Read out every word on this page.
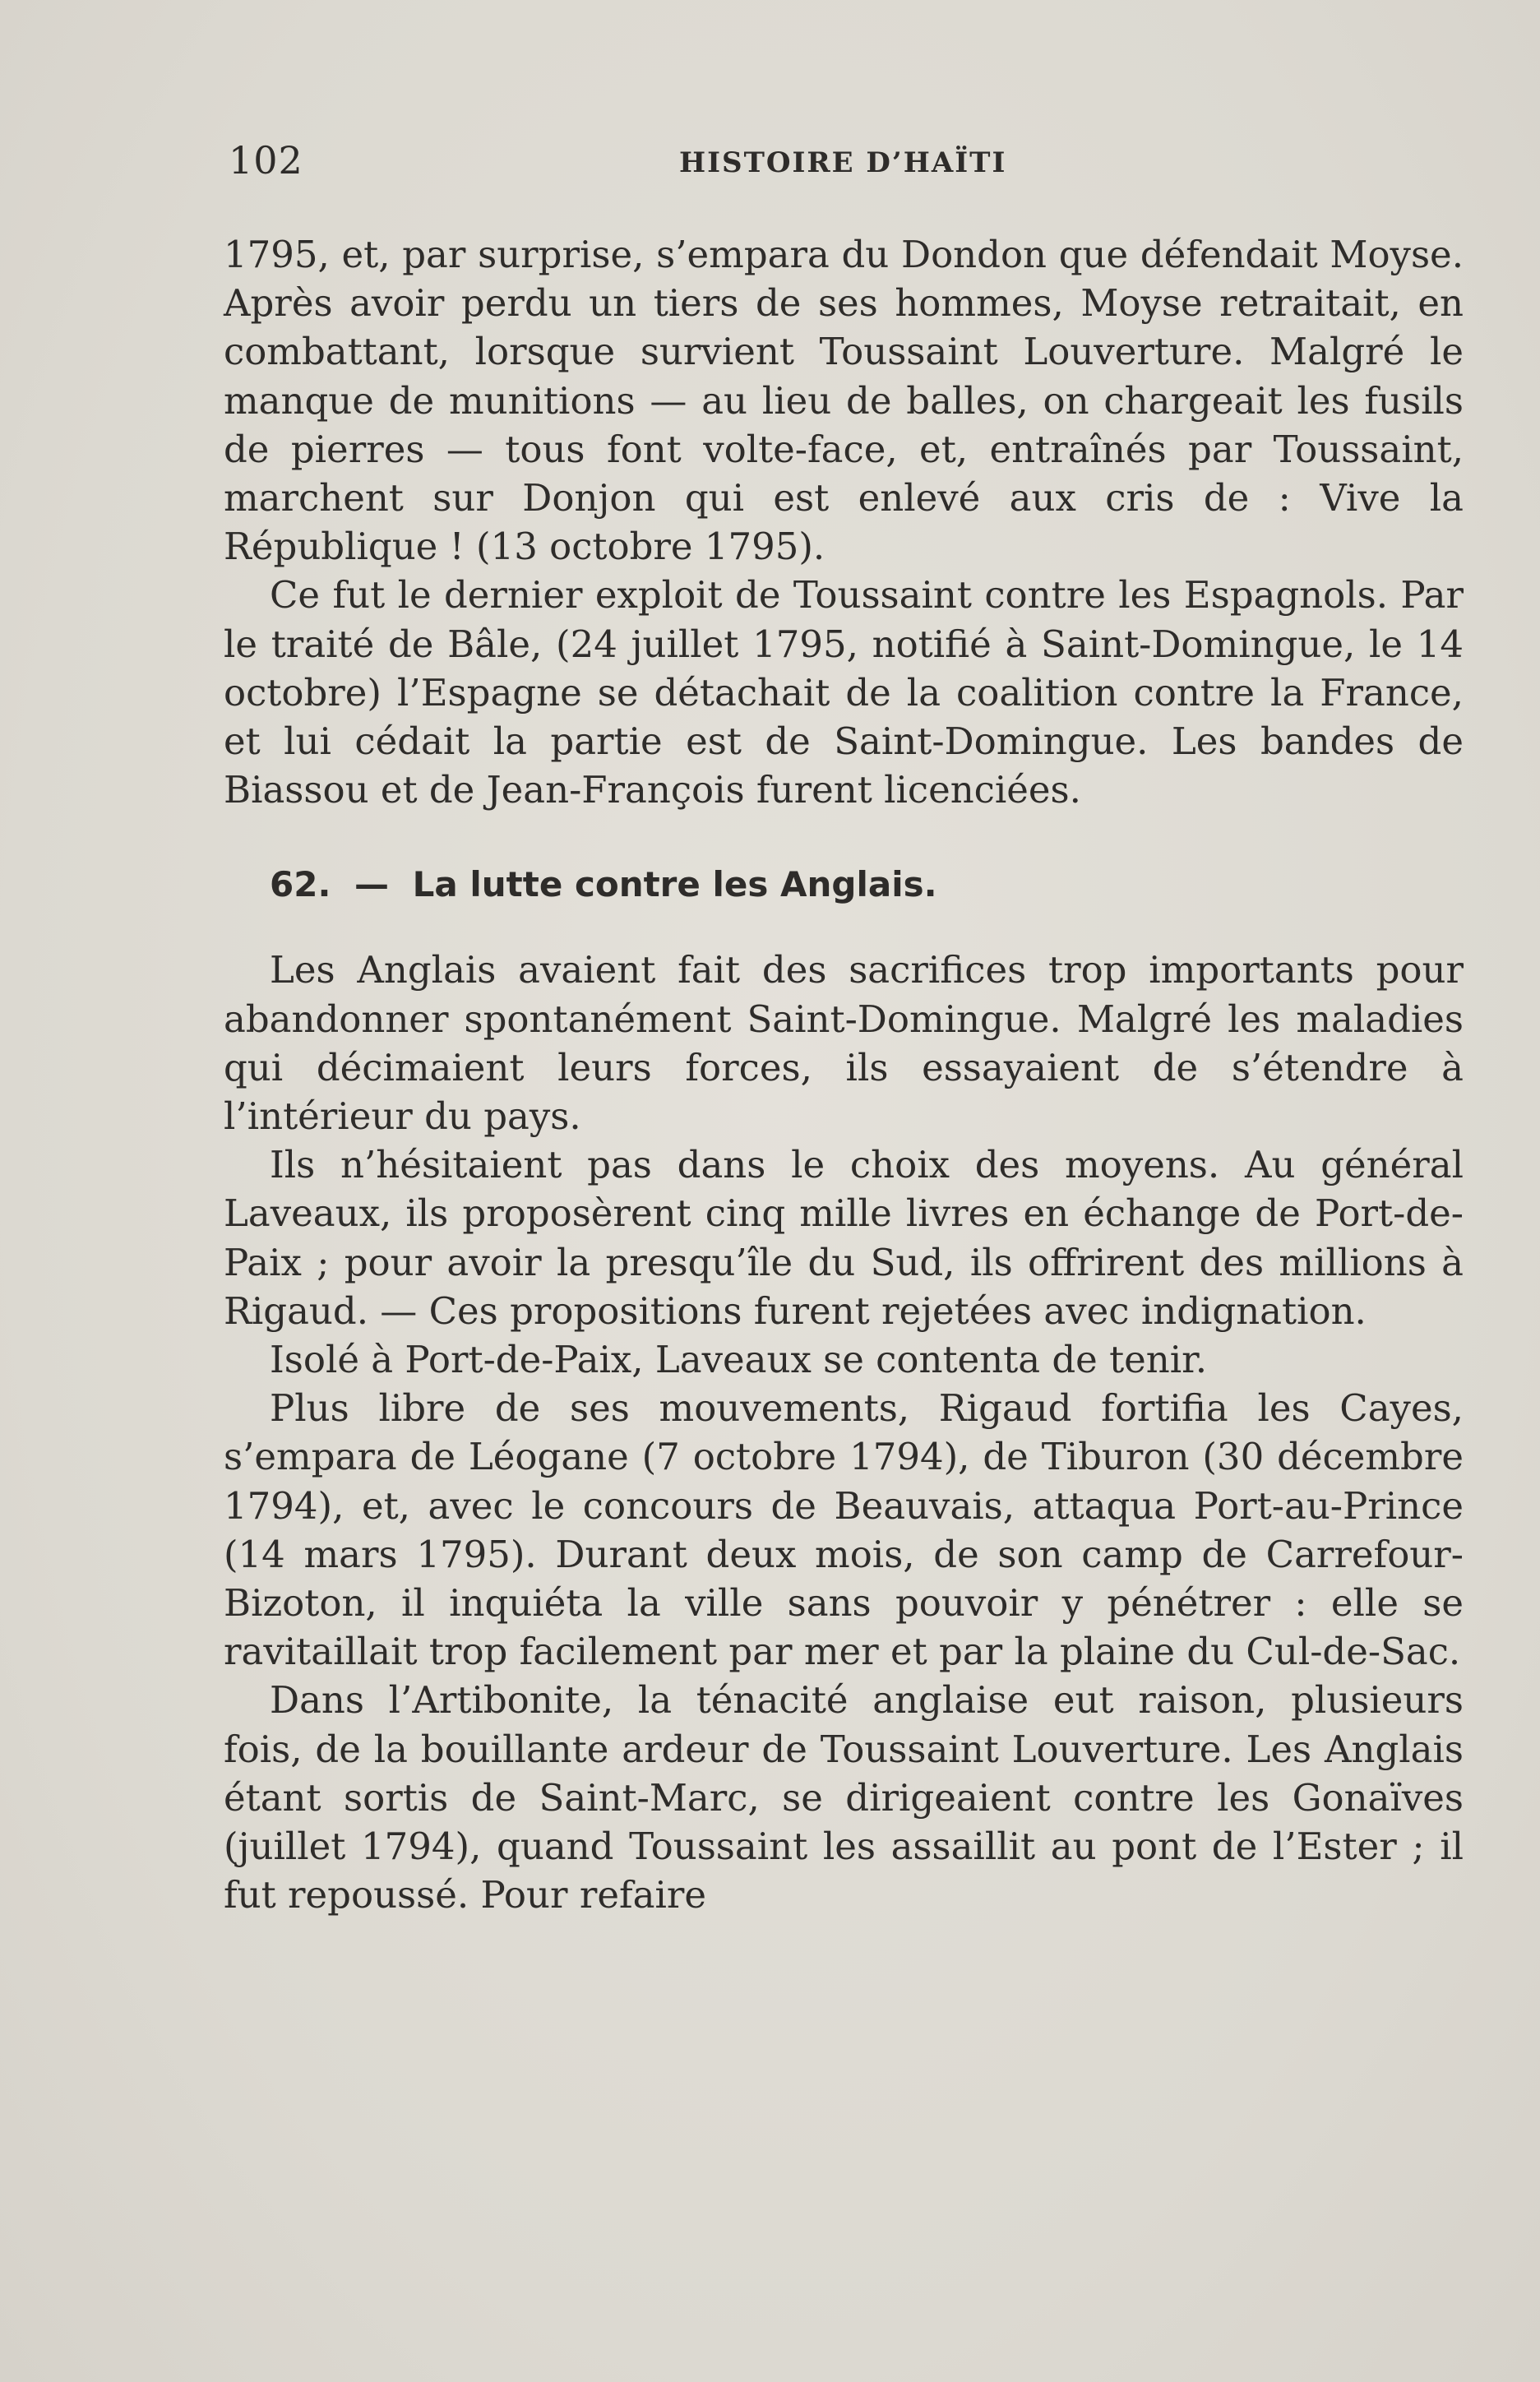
102	HISTOIRE D’HAÏTI

1795, et, par surprise, s’empara du Dondon que défendait Moyse. Après avoir perdu un tiers de ses hommes, Moyse retraitait, en combattant, lorsque survient Toussaint Louverture. Malgré le manque de munitions — au lieu de balles, on chargeait les fusils de pierres — tous font volte-face, et, entraînés par Toussaint, marchent sur Donjon qui est enlevé aux cris de : Vive la République ! (13 octobre 1795).

Ce fut le dernier exploit de Toussaint contre les Espagnols. Par le traité de Bâle, (24 juillet 1795, notifié à Saint-Domingue, le 14 octobre) l’Espagne se détachait de la coalition contre la France, et lui cédait la partie est de Saint-Domingue. Les bandes de Biassou et de Jean-François furent licenciées.

62. — La lutte contre les Anglais.

Les Anglais avaient fait des sacrifices trop importants pour abandonner spontanément Saint-Domingue. Malgré les maladies qui décimaient leurs forces, ils essayaient de s’étendre à l’intérieur du pays.

Ils n’hésitaient pas dans le choix des moyens. Au général Laveaux, ils proposèrent cinq mille livres en échange de Port-de-Paix ; pour avoir la presqu’île du Sud, ils offrirent des millions à Rigaud. — Ces propositions furent rejetées avec indignation.

Isolé à Port-de-Paix, Laveaux se contenta de tenir.

Plus libre de ses mouvements, Rigaud fortifia les Cayes, s’empara de Léogane (7 octobre 1794), de Tiburon (30 décembre 1794), et, avec le concours de Beauvais, attaqua Port-au-Prince (14 mars 1795). Durant deux mois, de son camp de Carrefour-Bizoton, il inquiéta la ville sans pouvoir y pénétrer : elle se ravitaillait trop facilement par mer et par la plaine du Cul-de-Sac.

Dans l’Artibonite, la ténacité anglaise eut raison, plusieurs fois, de la bouillante ardeur de Toussaint Louverture. Les Anglais étant sortis de Saint-Marc, se dirigeaient contre les Gonaïves (juillet 1794), quand Toussaint les assaillit au pont de l’Ester ; il fut repoussé. Pour refaire
